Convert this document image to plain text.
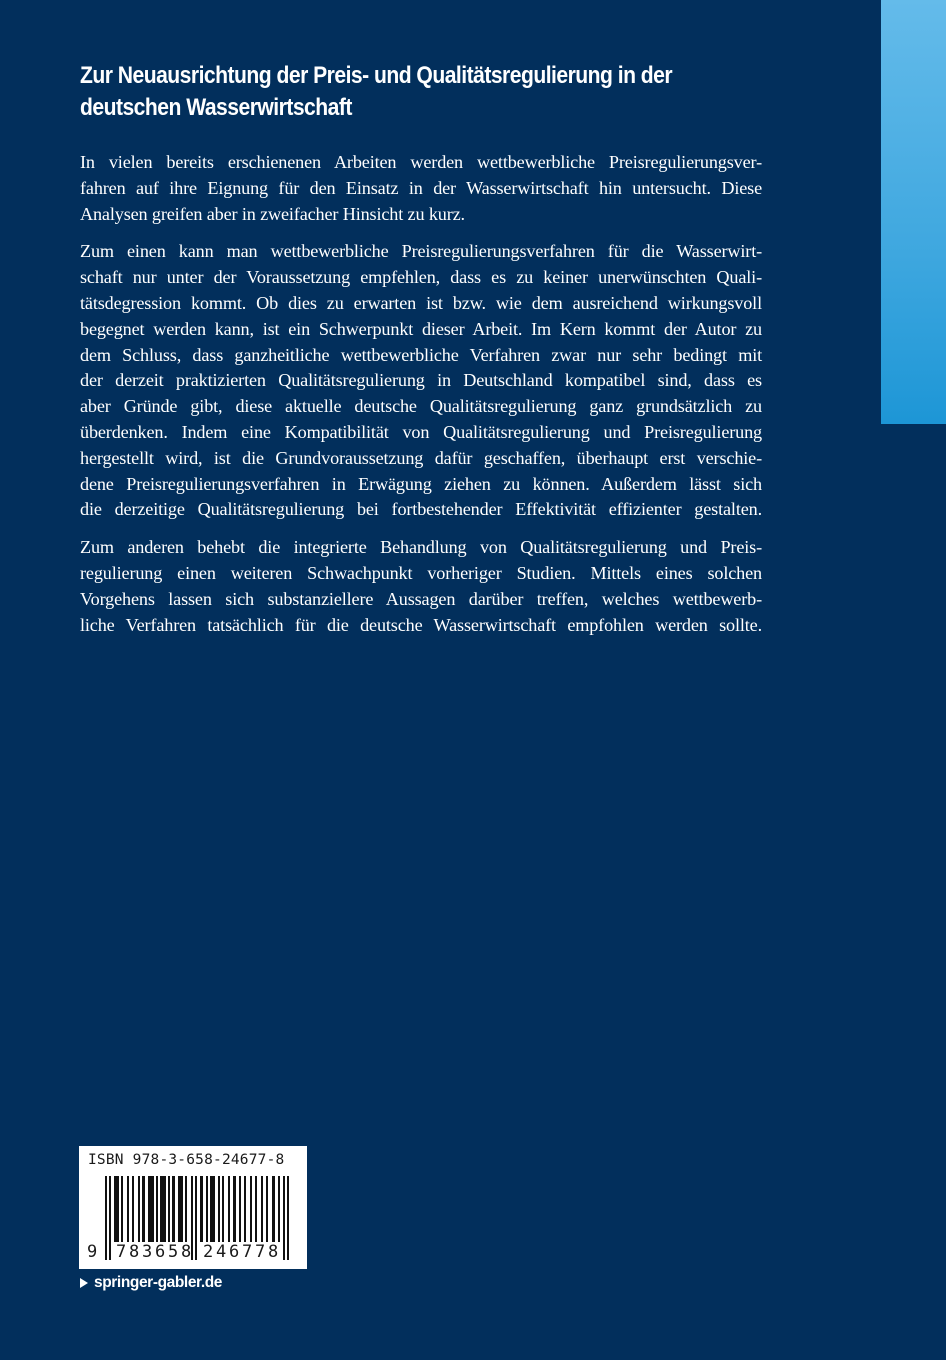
Zur Neuausrichtung der Preis- und Qualitätsregulierung in der
deutschen Wasserwirtschaft

In vielen bereits erschienenen Arbeiten werden wettbewerbliche Preisregulierungsver-
fahren auf ihre Eignung für den Einsatz in der Wasserwirtschaft hin untersucht. Diese
Analysen greifen aber in zweifacher Hinsicht zu kurz.

Zum einen kann man wettbewerbliche Preisregulierungsverfahren für die Wasserwirt-
schaft nur unter der Voraussetzung empfehlen, dass es zu keiner unerwünschten Quali-
tätsdegression kommt. Ob dies zu erwarten ist bzw. wie dem ausreichend wirkungsvoll
begegnet werden kann, ist ein Schwerpunkt dieser Arbeit. Im Kern kommt der Autor zu
dem Schluss, dass ganzheitliche wettbewerbliche Verfahren zwar nur sehr bedingt mit
der derzeit praktizierten Qualitätsregulierung in Deutschland kompatibel sind, dass es
aber Gründe gibt, diese aktuelle deutsche Qualitätsregulierung ganz grundsätzlich zu
überdenken. Indem eine Kompatibilität von Qualitätsregulierung und Preisregulierung
hergestellt wird, ist die Grundvoraussetzung dafür geschaffen, überhaupt erst verschie-
dene Preisregulierungsverfahren in Erwägung ziehen zu können. Außerdem lässt sich
die derzeitige Qualitätsregulierung bei fortbestehender Effektivität effizienter gestalten.

Zum anderen behebt die integrierte Behandlung von Qualitätsregulierung und Preis-
regulierung einen weiteren Schwachpunkt vorheriger Studien. Mittels eines solchen
Vorgehens lassen sich substanziellere Aussagen darüber treffen, welches wettbewerb-
liche Verfahren tatsächlich für die deutsche Wasserwirtschaft empfohlen werden sollte.

ISBN 978-3-658-24677-8
9 7 8 3 6 5 8 2 4 6 7 7 8
springer-gabler.de
